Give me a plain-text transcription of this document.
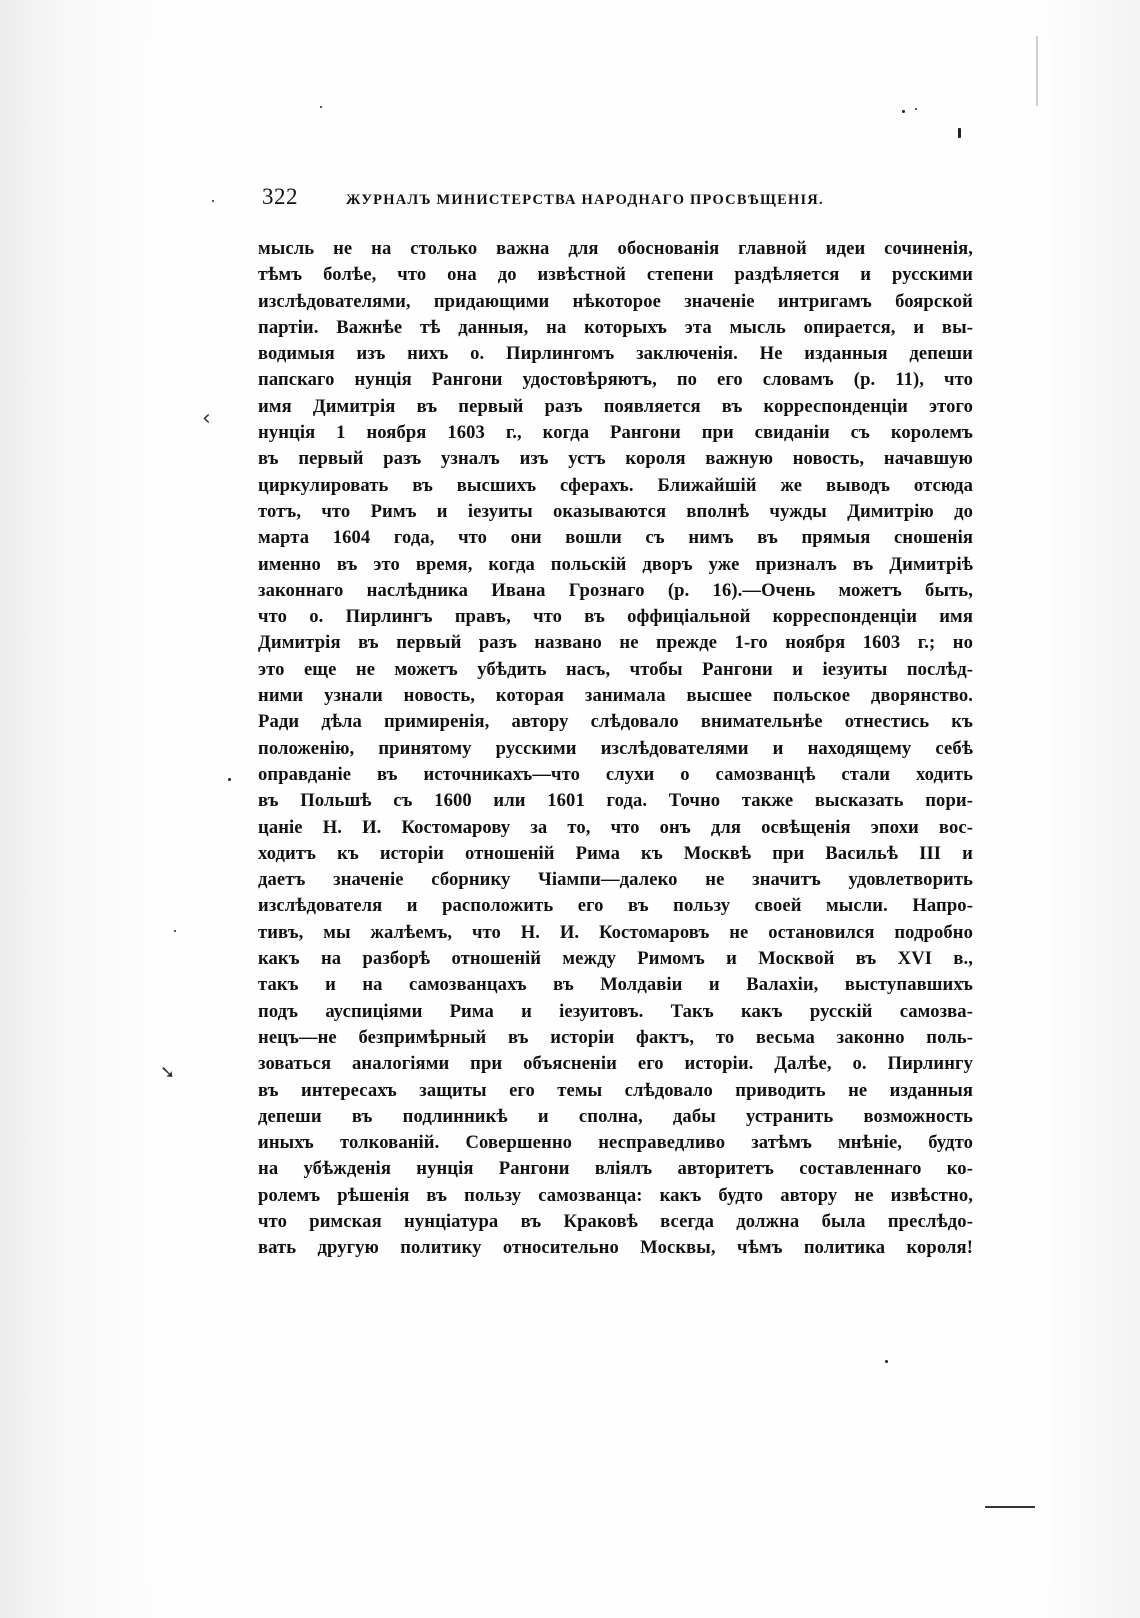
‹
➘
322	ЖУРНАЛЪ МИНИСТЕРСТВА НАРОДНАГО ПРОСВѢЩЕНІЯ.
мысль не на столько важна для обоснованія главной идеи сочиненія,
тѣмъ болѣе, что она до извѣстной степени раздѣляется и русскими
изслѣдователями, придающими нѣкоторое значеніе интригамъ боярской
партіи. Важнѣе тѣ данныя, на которыхъ эта мысль опирается, и вы-
водимыя изъ нихъ о. Пирлингомъ заключенія. Не изданныя депеши
папскаго нунція Рангони удостовѣряютъ, по его словамъ (р. 11), что
имя Димитрія въ первый разъ появляется въ корреспонденціи этого
нунція 1 ноября 1603 г., когда Рангони при свиданіи съ королемъ
въ первый разъ узналъ изъ устъ короля важную новость, начавшую
циркулировать въ высшихъ сферахъ. Ближайшій же выводъ отсюда
тотъ, что Римъ и іезуиты оказываются вполнѣ чужды Димитрію до
марта 1604 года, что они вошли съ нимъ въ прямыя сношенія
именно въ это время, когда польскій дворъ уже призналъ въ Димитріѣ
законнаго наслѣдника Ивана Грознаго (р. 16).—Очень можетъ быть,
что о. Пирлингъ правъ, что въ оффиціальной корреспонденціи имя
Димитрія въ первый разъ названо не прежде 1-го ноября 1603 г.; но
это еще не можетъ убѣдить насъ, чтобы Рангони и іезуиты послѣд-
ними узнали новость, которая занимала высшее польское дворянство.
Ради дѣла примиренія, автору слѣдовало внимательнѣе отнестись къ
положенію, принятому русскими изслѣдователями и находящему себѣ
оправданіе въ источникахъ—что слухи о самозванцѣ стали ходить
въ Польшѣ съ 1600 или 1601 года. Точно также высказать пори-
цаніе Н. И. Костомарову за то, что онъ для освѣщенія эпохи вос-
ходитъ къ исторіи отношеній Рима къ Москвѣ при Васильѣ III и
даетъ значеніе сборнику Чіампи—далеко не значитъ удовлетворить
изслѣдователя и расположить его въ пользу своей мысли. Напро-
тивъ, мы жалѣемъ, что Н. И. Костомаровъ не остановился подробно
какъ на разборѣ отношеній между Римомъ и Москвой въ XVI в.,
такъ и на самозванцахъ въ Молдавіи и Валахіи, выступавшихъ
подъ ауспиціями Рима и іезуитовъ. Такъ какъ русскій самозва-
нецъ—не безпримѣрный въ исторіи фактъ, то весьма законно поль-
зоваться аналогіями при объясненіи его исторіи. Далѣе, о. Пирлингу
въ интересахъ защиты его темы слѣдовало приводить не изданныя
депеши въ подлинникѣ и сполна, дабы устранить возможность
иныхъ толкованій. Совершенно несправедливо затѣмъ мнѣніе, будто
на убѣжденія нунція Рангони вліялъ авторитетъ составленнаго ко-
ролемъ рѣшенія въ пользу самозванца: какъ будто автору не извѣстно,
что римская нунціатура въ Краковѣ всегда должна была преслѣдо-
вать другую политику относительно Москвы, чѣмъ политика короля!
